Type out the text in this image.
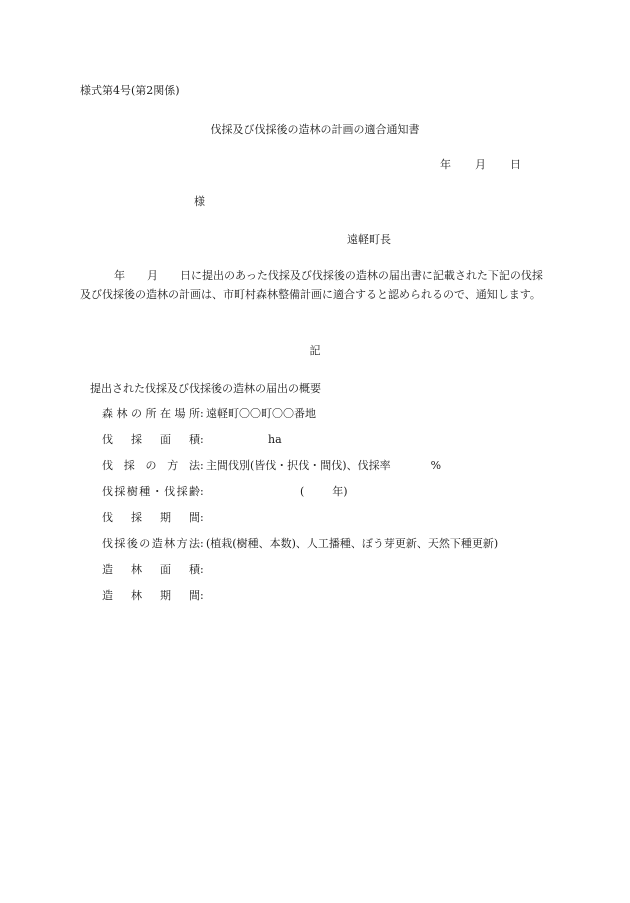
様式第4号(第2関係)
伐採及び伐採後の造林の計画の適合通知書
年 月 日
様
遠軽町長
年 月 日に提出のあった伐採及び伐採後の造林の届出書に記載された下記の伐採及び伐採後の造林の計画は、市町村森林整備計画に適合すると認められるので、通知します。
記
提出された伐採及び伐採後の造林の届出の概要
森林の所在場所 : 遠軽町〇〇町〇〇番地
伐採面積 :	ha
伐採の方法 : 主間伐別(皆伐・択伐・間伐)、伐採率	%
伐採樹種・伐採齢 :	(	年)
伐採期間 :
伐採後の造林方法 : (植栽(樹種、本数)、人工播種、ぼう芽更新、天然下種更新)
造林面積 :
造林期間 :
